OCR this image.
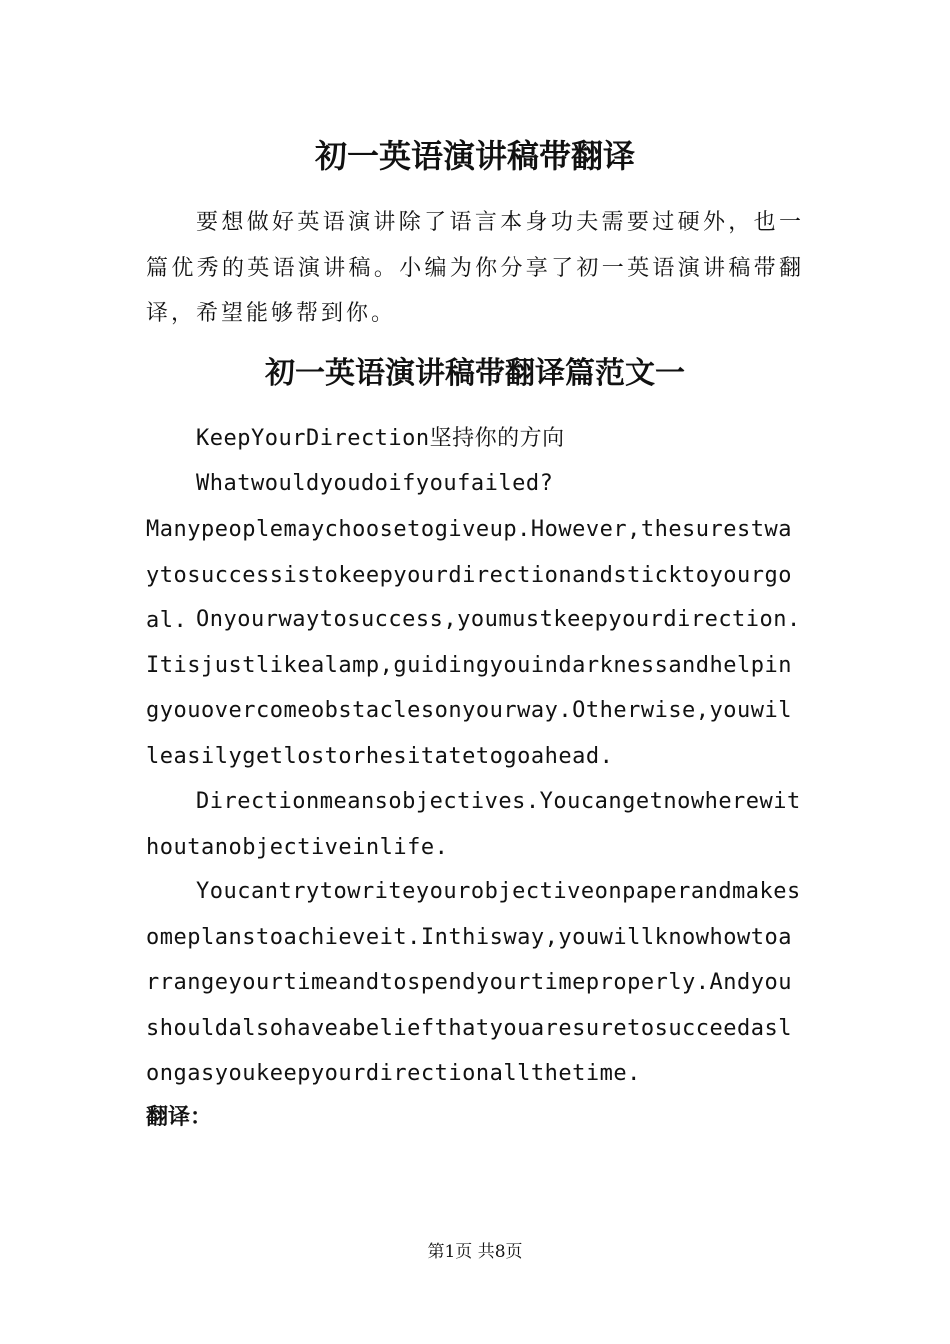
初一英语演讲稿带翻译

要想做好英语演讲除了语言本身功夫需要过硬外，也一篇优秀的英语演讲稿。小编为你分享了初一英语演讲稿带翻译，希望能够帮到你。

初一英语演讲稿带翻译篇范文一

KeepYourDirection坚持你的方向

Whatwouldyoudoifyoufailed?

Manypeoplemaychoosetogiveup.However,thesurestwaytosuccessistokeepyourdirectionandsticktoyourgoal. Onyourwaytosuccess,youmustkeepyourdirection.Itisjustlikealamp,guidingyouindarknessandhelpingyouovercomeobstaclesonyourway.Otherwise,youwilleasilygetlostorhesitatetogoahead.

Directionmeansobjectives.Youcangetnowherewithoutanobjectiveinlife.

Youcantrytowriteyourobjectiveonpaperandmakesomeplanstoachieveit.Inthisway,youwillknowhowtoarrangeyourtimeandtospendyourtimeproperly.Andyoushouldalsohaveabeliefthatyouaresuretosucceedaslongasyoukeepyourdirectionallthetime.

翻译：

第1页 共8页
